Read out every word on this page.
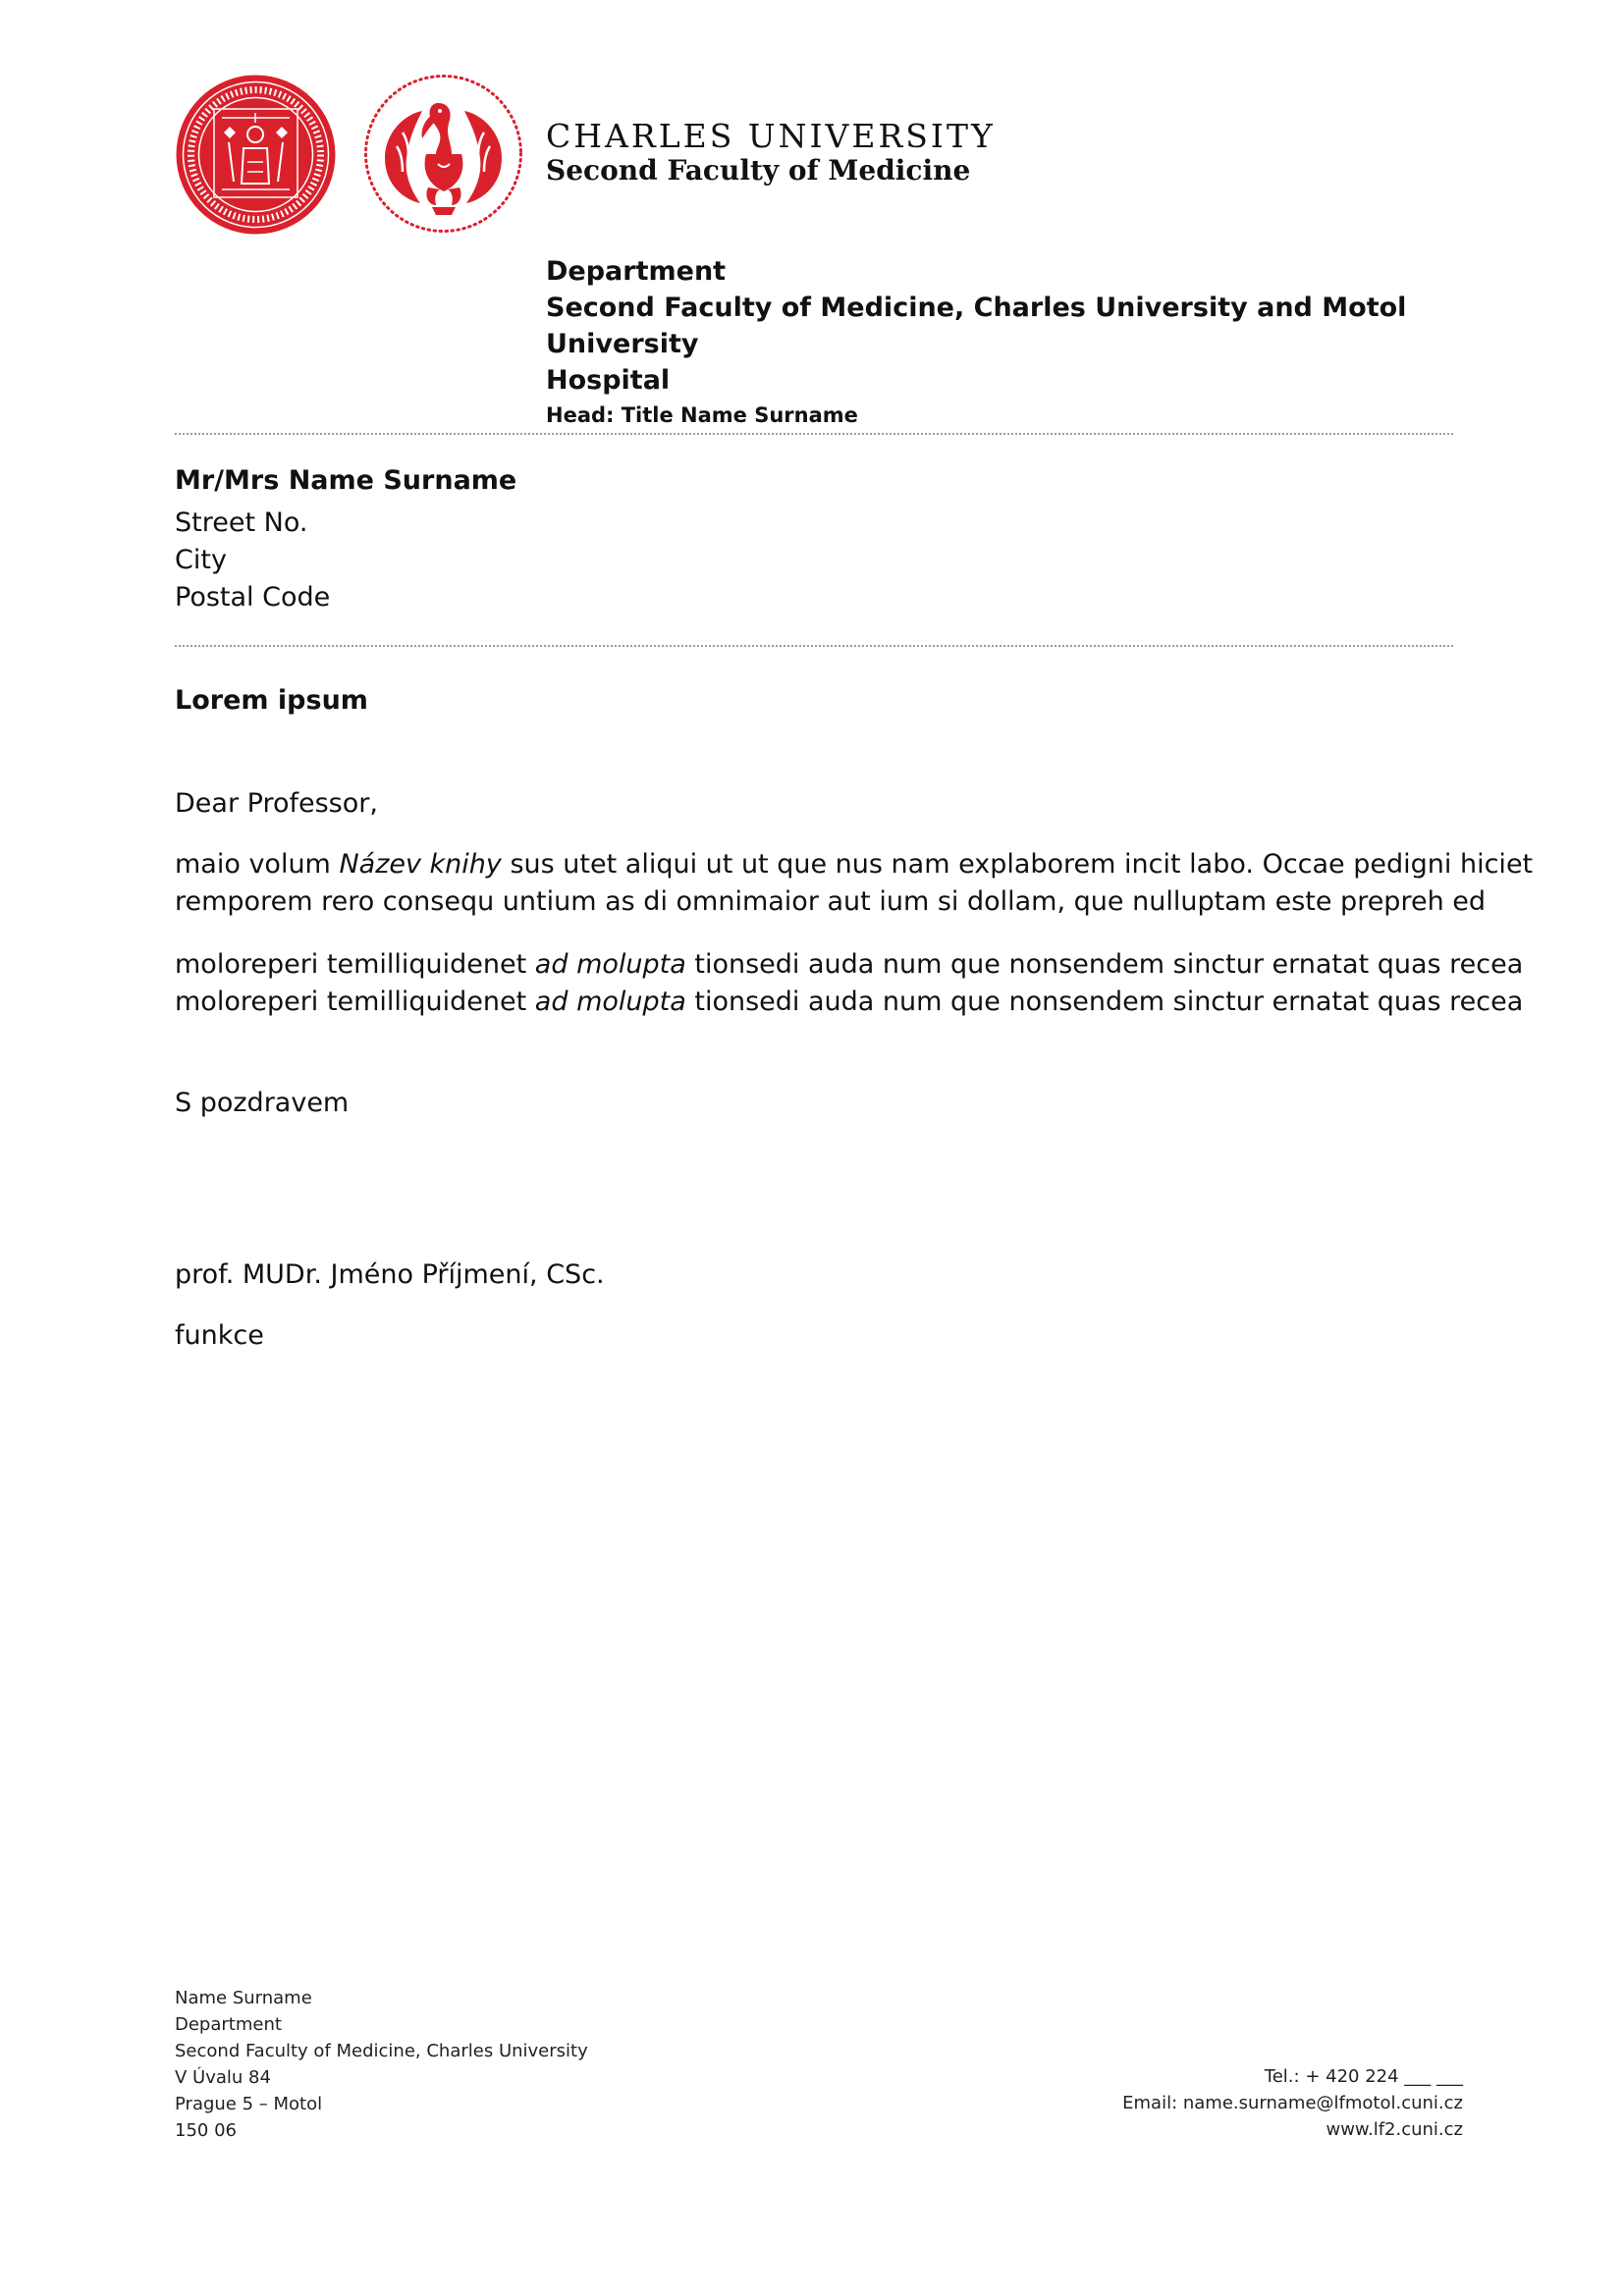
CHARLES UNIVERSITY
Second Faculty of Medicine
Department
Second Faculty of Medicine, Charles University and Motol University
Hospital
Head: Title Name Surname
Mr/Mrs Name Surname
Street No.
City
Postal Code
Lorem ipsum
Dear Professor,
maio volum Název knihy sus utet aliqui ut ut que nus nam explaborem incit labo. Occae pedigni hiciet
remporem rero consequ untium as di omnimaior aut ium si dollam, que nulluptam este prepreh ed
moloreperi temilliquidenet ad molupta tionsedi auda num que nonsendem sinctur ernatat quas recea
moloreperi temilliquidenet ad molupta tionsedi auda num que nonsendem sinctur ernatat quas recea
S pozdravem
prof. MUDr. Jméno Příjmení, CSc.
funkce
Name Surname
Department
Second Faculty of Medicine, Charles University
V Úvalu 84
Prague 5 – Motol
150 06
Tel.: + 420 224 ___ ___
Email: name.surname@lfmotol.cuni.cz
www.lf2.cuni.cz
